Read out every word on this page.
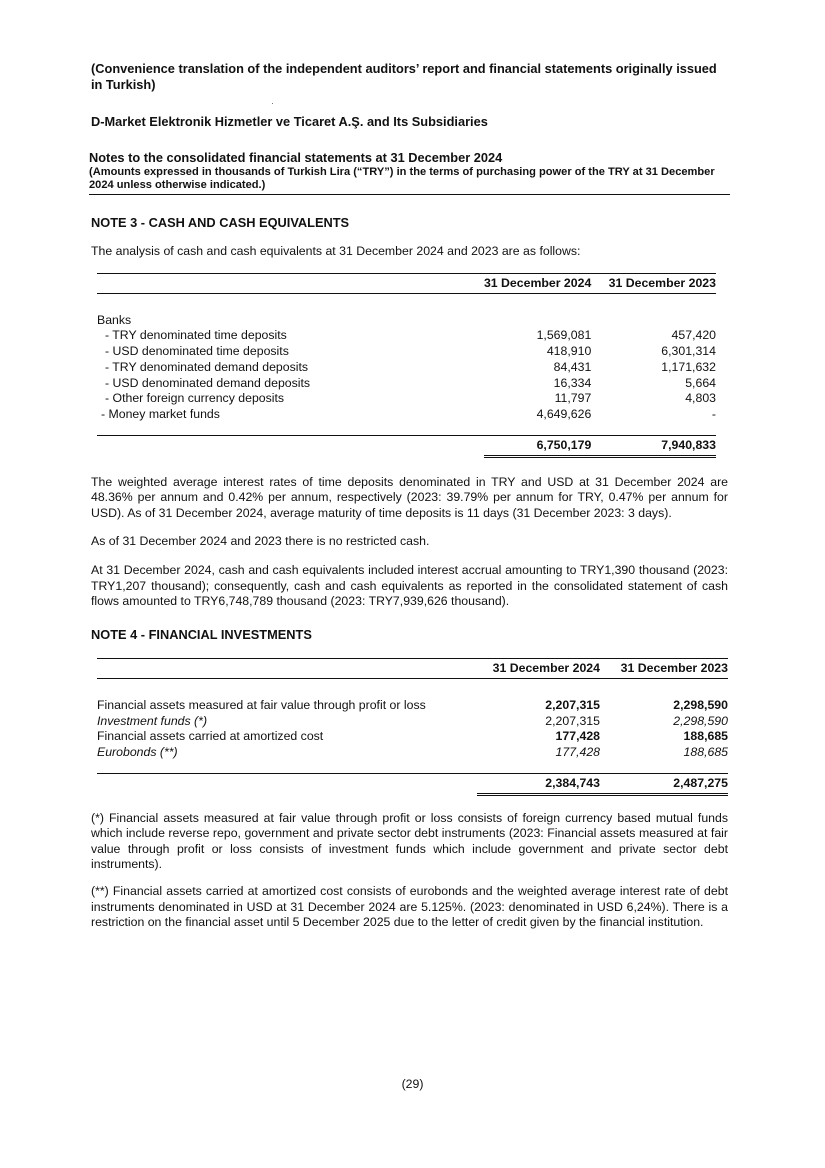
(Convenience translation of the independent auditors’ report and financial statements originally issued in Turkish)
D-Market Elektronik Hizmetler ve Ticaret A.Ş. and Its Subsidiaries
Notes to the consolidated financial statements at 31 December 2024
(Amounts expressed in thousands of Turkish Lira (“TRY”) in the terms of purchasing power of the TRY at 31 December 2024 unless otherwise indicated.)
NOTE 3 - CASH AND CASH EQUIVALENTS

The analysis of cash and cash equivalents at 31 December 2024 and 2023 are as follows:

	31 December 2024	31 December 2023

Banks		
- TRY denominated time deposits	1,569,081	457,420
- USD denominated time deposits	418,910	6,301,314
- TRY denominated demand deposits	84,431	1,171,632
- USD denominated demand deposits	16,334	5,664
- Other foreign currency deposits	11,797	4,803
- Money market funds	4,649,626	-

	6,750,179	7,940,833

The weighted average interest rates of time deposits denominated in TRY and USD at 31 December 2024 are 48.36% per annum and 0.42% per annum, respectively (2023: 39.79% per annum for TRY, 0.47% per annum for USD). As of 31 December 2024, average maturity of time deposits is 11 days (31 December 2023: 3 days).

As of 31 December 2024 and 2023 there is no restricted cash.

At 31 December 2024, cash and cash equivalents included interest accrual amounting to TRY1,390 thousand (2023: TRY1,207 thousand); consequently, cash and cash equivalents as reported in the consolidated statement of cash flows amounted to TRY6,748,789 thousand (2023: TRY7,939,626 thousand).

NOTE 4 - FINANCIAL INVESTMENTS
	31 December 2024	31 December 2023

Financial assets measured at fair value through profit or loss	2,207,315	2,298,590
Investment funds (*)	2,207,315	2,298,590
Financial assets carried at amortized cost	177,428	188,685
Eurobonds (**)	177,428	188,685

	2,384,743	2,487,275

(*) Financial assets measured at fair value through profit or loss consists of foreign currency based mutual funds which include reverse repo, government and private sector debt instruments (2023: Financial assets measured at fair value through profit or loss consists of investment funds which include government and private sector debt instruments).

(**) Financial assets carried at amortized cost consists of eurobonds and the weighted average interest rate of debt instruments denominated in USD at 31 December 2024 are 5.125%. (2023: denominated in USD 6,24%). There is a restriction on the financial asset until 5 December 2025 due to the letter of credit given by the financial institution.

(29)
